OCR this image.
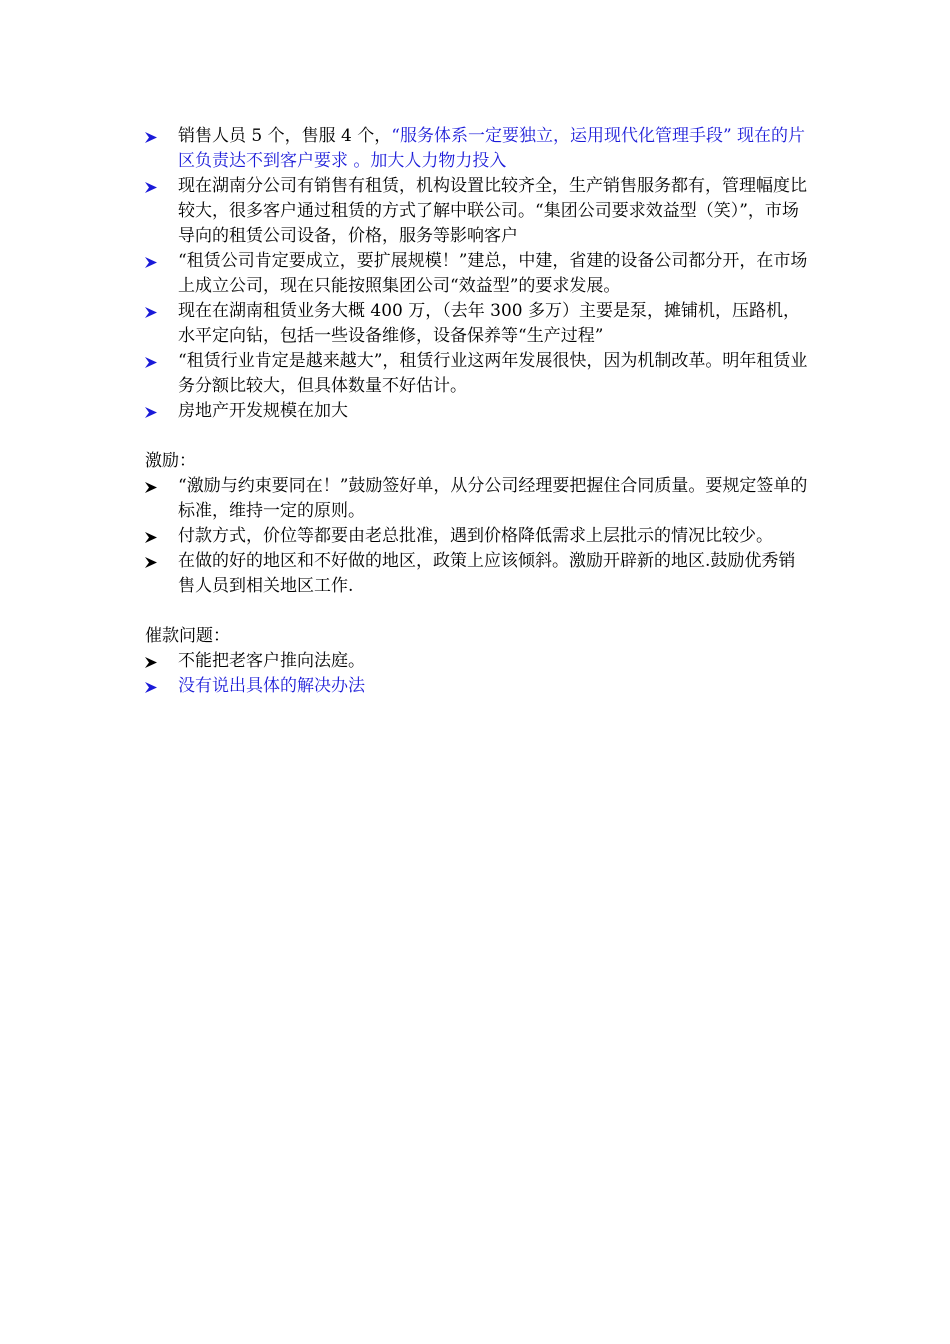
销售人员 5 个，售服 4 个，“服务体系一定要独立，运用现代化管理手段” 现在的片区负责达不到客户要求 。加大人力物力投入
现在湖南分公司有销售有租赁，机构设置比较齐全，生产销售服务都有，管理幅度比较大，很多客户通过租赁的方式了解中联公司。“集团公司要求效益型（笑）”，市场导向的租赁公司设备，价格，服务等影响客户
“租赁公司肯定要成立，要扩展规模！”建总，中建，省建的设备公司都分开，在市场上成立公司，现在只能按照集团公司“效益型”的要求发展。
现在在湖南租赁业务大概 400 万，（去年 300 多万）主要是泵，摊铺机，压路机，水平定向钻，包括一些设备维修，设备保养等“生产过程”
“租赁行业肯定是越来越大”，租赁行业这两年发展很快，因为机制改革。明年租赁业务分额比较大，但具体数量不好估计。
房地产开发规模在加大
激励：
“激励与约束要同在！”鼓励签好单，从分公司经理要把握住合同质量。要规定签单的标准，维持一定的原则。
付款方式，价位等都要由老总批准，遇到价格降低需求上层批示的情况比较少。
在做的好的地区和不好做的地区，政策上应该倾斜。激励开辟新的地区.鼓励优秀销售人员到相关地区工作.
催款问题：
不能把老客户推向法庭。
没有说出具体的解决办法
